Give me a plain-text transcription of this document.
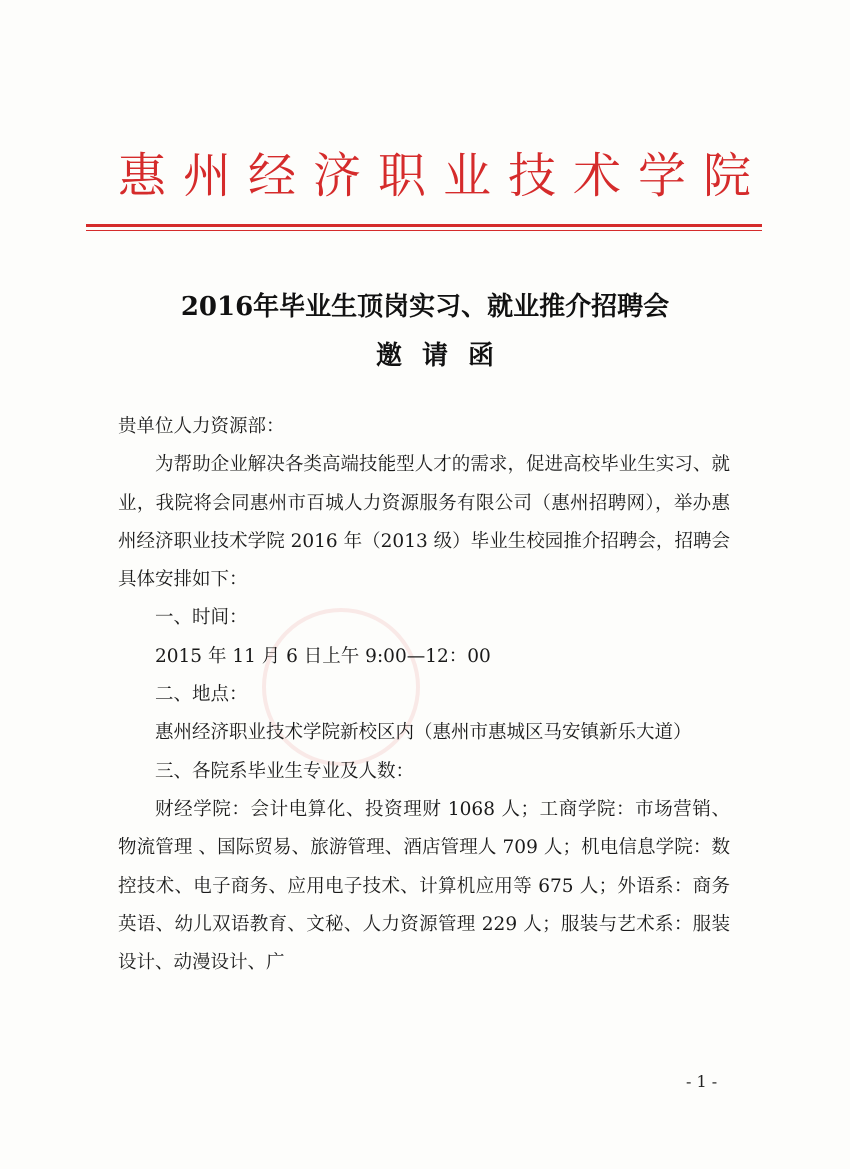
惠州经济职业技术学院
2016年毕业生顶岗实习、就业推介招聘会
邀请函

贵单位人力资源部：

为帮助企业解决各类高端技能型人才的需求，促进高校毕业生实习、就业，我院将会同惠州市百城人力资源服务有限公司（惠州招聘网），举办惠州经济职业技术学院 2016 年（2013 级）毕业生校园推介招聘会，招聘会具体安排如下：

一、时间：

2015 年 11 月 6 日上午 9:00—12：00

二、地点：

惠州经济职业技术学院新校区内（惠州市惠城区马安镇新乐大道）

三、各院系毕业生专业及人数：

财经学院：会计电算化、投资理财 1068 人；工商学院：市场营销、物流管理 、国际贸易、旅游管理、酒店管理人 709 人；机电信息学院：数控技术、电子商务、应用电子技术、计算机应用等 675 人；外语系：商务英语、幼儿双语教育、文秘、人力资源管理 229 人；服装与艺术系：服装设计、动漫设计、广

- 1 -
